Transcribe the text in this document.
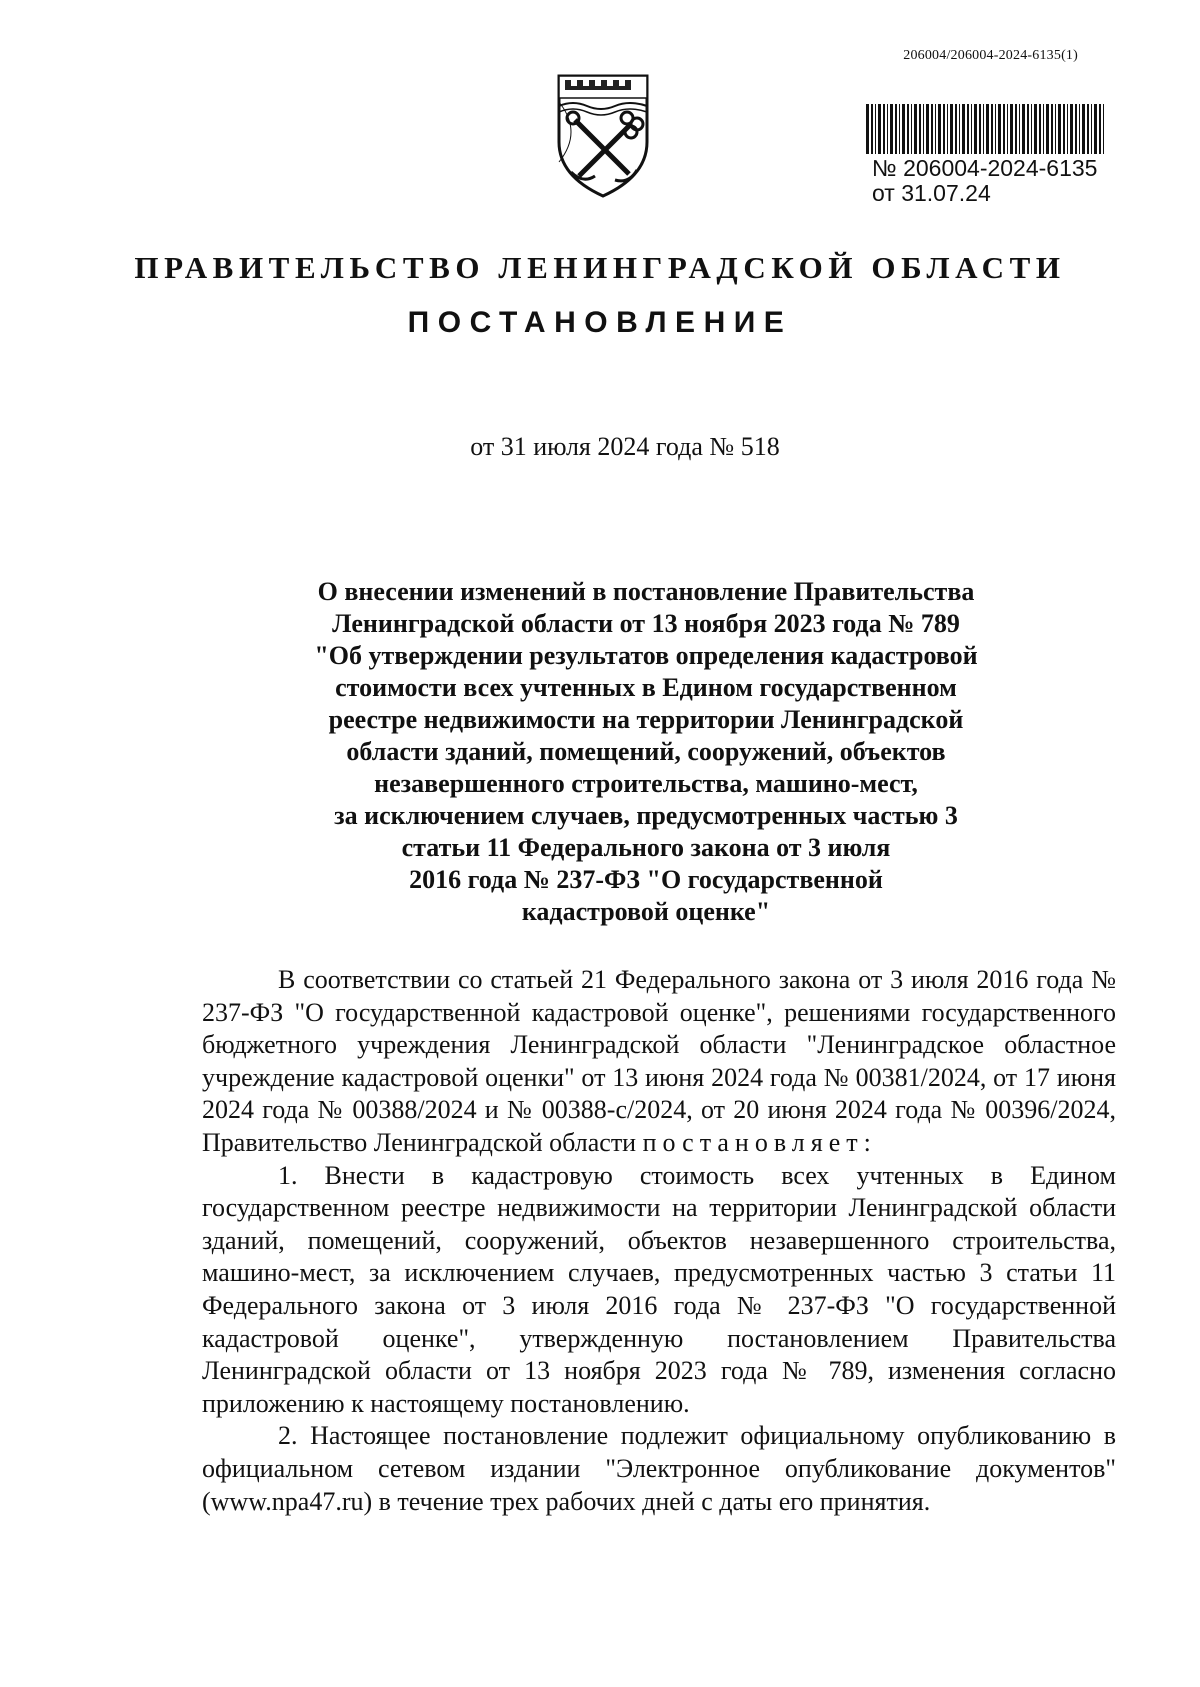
206004/206004-2024-6135(1)
№ 206004-2024-6135
от 31.07.24
ПРАВИТЕЛЬСТВО ЛЕНИНГРАДСКОЙ ОБЛАСТИ
ПОСТАНОВЛЕНИЕ
от 31 июля 2024 года № 518
О внесении изменений в постановление Правительства
Ленинградской области от 13 ноября 2023 года № 789
"Об утверждении результатов определения кадастровой
стоимости всех учтенных в Едином государственном
реестре недвижимости на территории Ленинградской
области зданий, помещений, сооружений, объектов
незавершенного строительства, машино-мест,
за исключением случаев, предусмотренных частью 3
статьи 11 Федерального закона от 3 июля
2016 года № 237-ФЗ "О государственной
кадастровой оценке"

В соответствии со статьей 21 Федерального закона от 3 июля 2016 года № 237-ФЗ "О государственной кадастровой оценке", решениями государственного бюджетного учреждения Ленинградской области "Ленинградское областное учреждение кадастровой оценки" от 13 июня 2024 года № 00381/2024, от 17 июня 2024 года № 00388/2024 и № 00388-с/2024, от 20 июня 2024 года № 00396/2024, Правительство Ленинградской области постановляет:

1. Внести в кадастровую стоимость всех учтенных в Едином государственном реестре недвижимости на территории Ленинградской области зданий, помещений, сооружений, объектов незавершенного строительства, машино-мест, за исключением случаев, предусмотренных частью 3 статьи 11 Федерального закона от 3 июля 2016 года № 237-ФЗ "О государственной кадастровой оценке", утвержденную постановлением Правительства Ленинградской области от 13 ноября 2023 года № 789, изменения согласно приложению к настоящему постановлению.

2. Настоящее постановление подлежит официальному опубликованию в официальном сетевом издании "Электронное опубликование документов" (www.npa47.ru) в течение трех рабочих дней с даты его принятия.
